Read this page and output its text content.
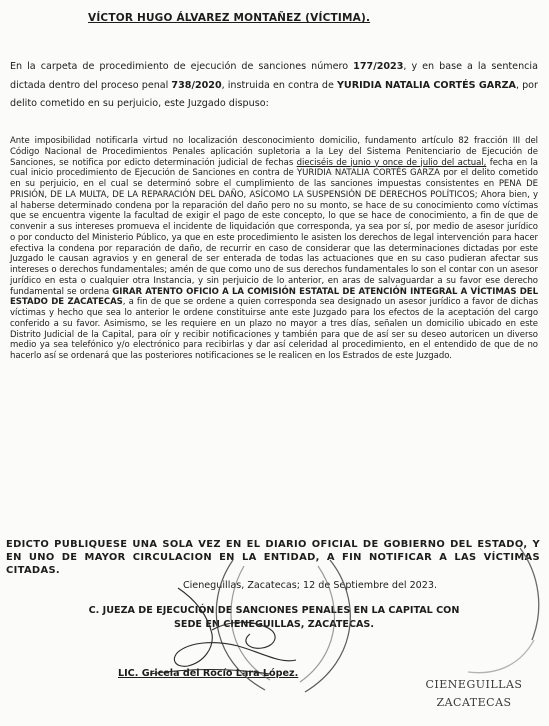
VÍCTOR HUGO ÁLVAREZ MONTAÑEZ (VÍCTIMA).
En la carpeta de procedimiento de ejecución de sanciones número 177/2023, y en base a la sentencia dictada dentro del proceso penal 738/2020, instruida en contra de YURIDIA NATALIA CORTÉS GARZA, por delito cometido en su perjuicio, este Juzgado dispuso:
Ante imposibilidad notificarla virtud no localización desconocimiento domicilio, fundamento artículo 82 fracción III del Código Nacional de Procedimientos Penales aplicación supletoria a la Ley del Sistema Penitenciario de Ejecución de Sanciones, se notifica por edicto determinación judicial de fechas dieciséis de junio y once de julio del actual, fecha en la cual inicio procedimiento de Ejecución de Sanciones en contra de YURIDIA NATALIA CORTÉS GARZA por el delito cometido en su perjuicio, en el cual se determinó sobre el cumplimiento de las sanciones impuestas consistentes en PENA DE PRISIÓN, DE LA MULTA, DE LA REPARACIÓN DEL DAÑO, ASÍCOMO LA SUSPENSIÓN DE DERECHOS POLÍTICOS; Ahora bien, y al haberse determinado condena por la reparación del daño pero no su monto, se hace de su conocimiento como víctimas que se encuentra vigente la facultad de exigir el pago de este concepto, lo que se hace de conocimiento, a fin de que de convenir a sus intereses promueva el incidente de liquidación que corresponda, ya sea por sí, por medio de asesor jurídico o por conducto del Ministerio Público, ya que en este procedimiento le asisten los derechos de legal intervención para hacer efectiva la condena por reparación de daño, de recurrir en caso de considerar que las determinaciones dictadas por este Juzgado le causan agravios y en general de ser enterada de todas las actuaciones que en su caso pudieran afectar sus intereses o derechos fundamentales; amén de que como uno de sus derechos fundamentales lo son el contar con un asesor jurídico en esta o cualquier otra Instancia, y sin perjuicio de lo anterior, en aras de salvaguardar a su favor ese derecho fundamental se ordena GIRAR ATENTO OFICIO A LA COMISIÓN ESTATAL DE ATENCIÓN INTEGRAL A VÍCTIMAS DEL ESTADO DE ZACATECAS, a fin de que se ordene a quien corresponda sea designado un asesor jurídico a favor de dichas víctimas y hecho que sea lo anterior le ordene constituirse ante este Juzgado para los efectos de la aceptación del cargo conferido a su favor. Asimismo, se les requiere en un plazo no mayor a tres días, señalen un domicilio ubicado en este Distrito Judicial de la Capital, para oír y recibir notificaciones y también para que de así ser su deseo autoricen un diverso medio ya sea telefónico y/o electrónico para recibirlas y dar así celeridad al procedimiento, en el entendido de que de no hacerlo así se ordenará que las posteriores notificaciones se le realicen en los Estrados de este Juzgado.
EDICTO PUBLIQUESE UNA SOLA VEZ EN EL DIARIO OFICIAL DE GOBIERNO DEL ESTADO, Y EN UNO DE MAYOR CIRCULACION EN LA ENTIDAD, A FIN NOTIFICAR A LAS VÍCTIMAS CITADAS.
Cieneguillas, Zacatecas; 12 de Septiembre del 2023.
C. JUEZA DE EJECUCIÓN DE SANCIONES PENALES EN LA CAPITAL CON
SEDE EN CIENEGUILLAS, ZACATECAS.
LIC. Gricela del Rocío Lara López.
CIENEGUILLAS
ZACATECAS
